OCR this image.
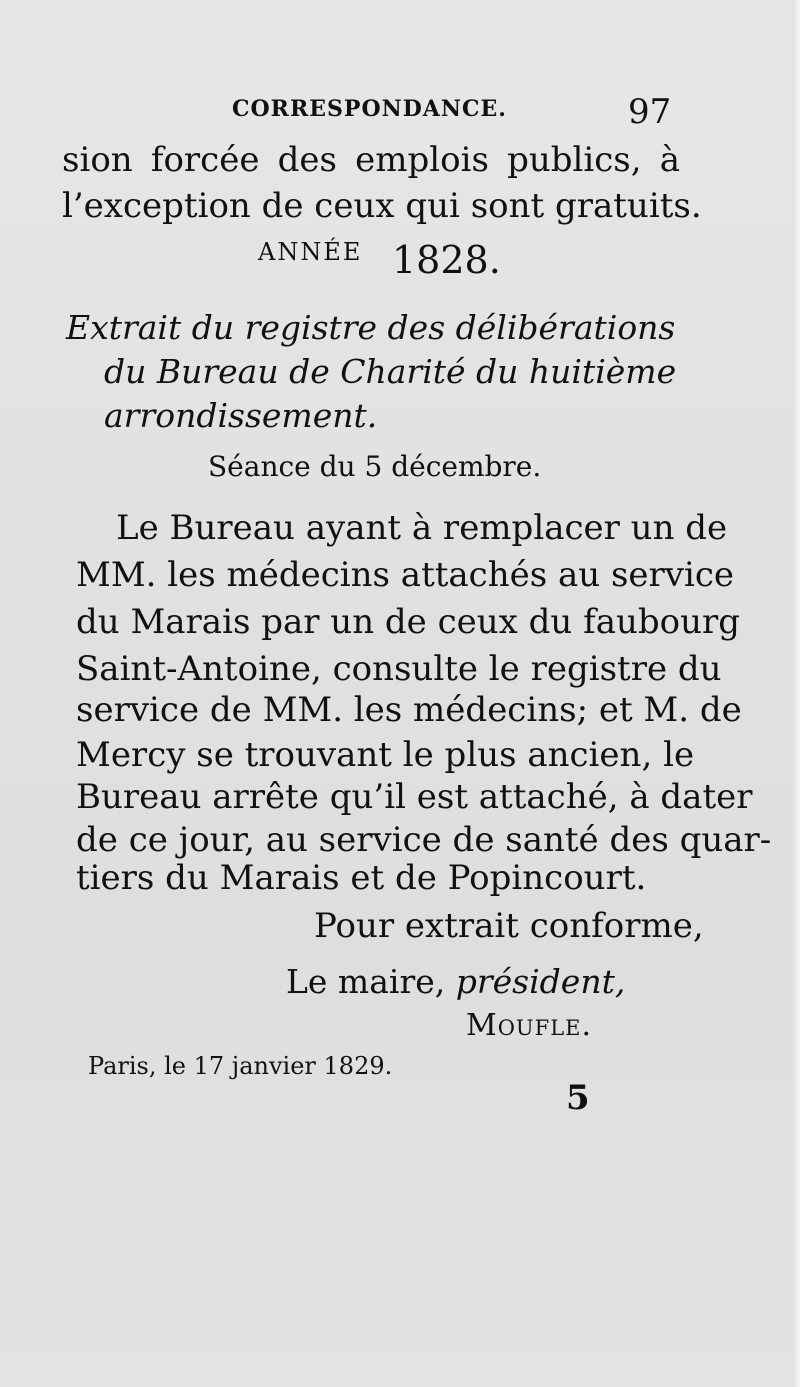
CORRESPONDANCE.	97
sion forcée des emplois publics, à
l’exception de ceux qui sont gratuits.
ANNÉE 1828.
Extrait du registre des délibérations
du Bureau de Charité du huitième
arrondissement.
Séance du 5 décembre.
Le Bureau ayant à remplacer un de
MM. les médecins attachés au service
du Marais par un de ceux du faubourg
Saint-Antoine, consulte le registre du
service de MM. les médecins; et M. de
Mercy se trouvant le plus ancien, le
Bureau arrête qu’il est attaché, à dater
de ce jour, au service de santé des quar-
tiers du Marais et de Popincourt.
Pour extrait conforme,
Le maire, président,
Moufle.
Paris, le 17 janvier 1829.
5
